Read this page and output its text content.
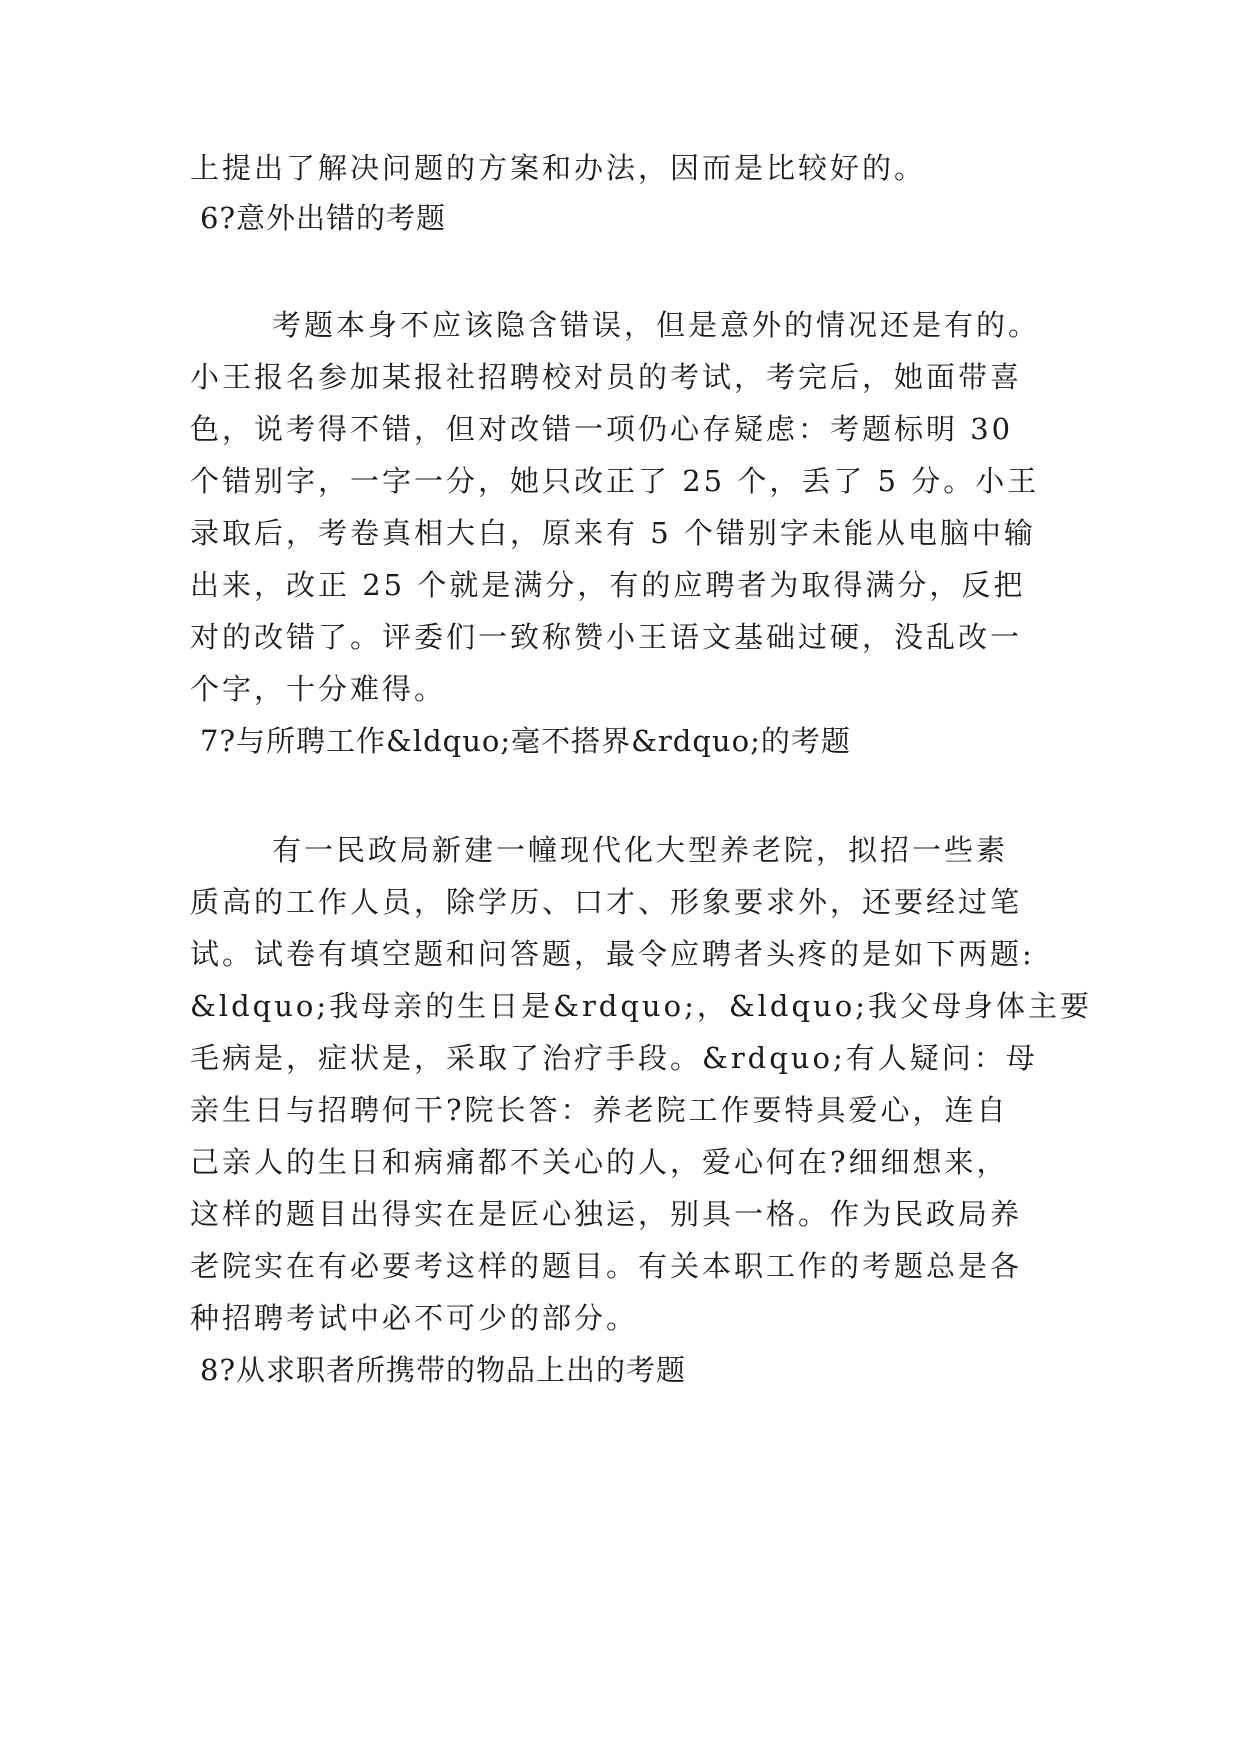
上提出了解决问题的方案和办法，因而是比较好的。
6?意外出错的考题
考题本身不应该隐含错误，但是意外的情况还是有的。
小王报名参加某报社招聘校对员的考试，考完后，她面带喜
色，说考得不错，但对改错一项仍心存疑虑：考题标明 30
个错别字，一字一分，她只改正了 25 个，丢了 5 分。小王
录取后，考卷真相大白，原来有 5 个错别字未能从电脑中输
出来，改正 25 个就是满分，有的应聘者为取得满分，反把
对的改错了。评委们一致称赞小王语文基础过硬，没乱改一
个字，十分难得。
7?与所聘工作&ldquo;毫不搭界&rdquo;的考题
有一民政局新建一幢现代化大型养老院，拟招一些素
质高的工作人员，除学历、口才、形象要求外，还要经过笔
试。试卷有填空题和问答题，最令应聘者头疼的是如下两题:
&ldquo;我母亲的生日是&rdquo;，&ldquo;我父母身体主要
毛病是，症状是，采取了治疗手段。&rdquo;有人疑问：母
亲生日与招聘何干?院长答：养老院工作要特具爱心，连自
己亲人的生日和病痛都不关心的人，爱心何在?细细想来，
这样的题目出得实在是匠心独运，别具一格。作为民政局养
老院实在有必要考这样的题目。有关本职工作的考题总是各
种招聘考试中必不可少的部分。
8?从求职者所携带的物品上出的考题
